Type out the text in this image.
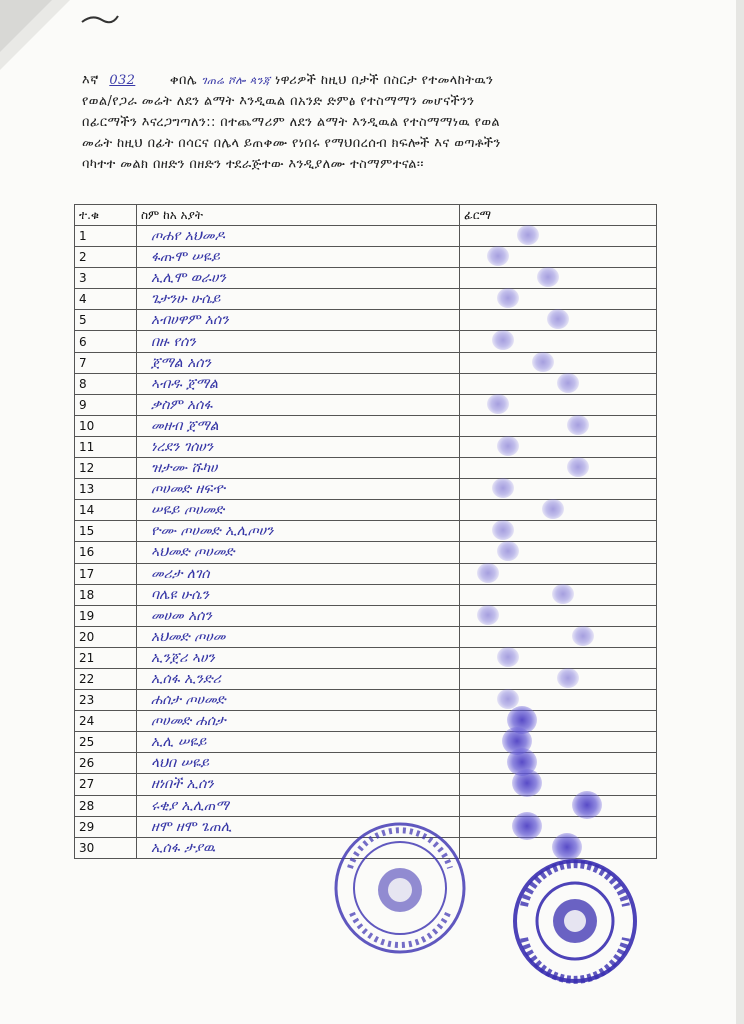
እኛ 032	ቀበሌ ገጠሬ ሾሎ ጳንጃ ነዋሪዎች ከዚህ በታች በስርታ የተመላከትዉን
የወል/የጋራ መሬት ለደን ልማት እንዲዉል በአንድ ድምፅ የተስማማን መሆናችንን
በፊርማችን እናረጋግጣለን:: በተጨማሪም ለደን ልማት እንዲዉል የተስማማነዉ የወል
መሬት ከዚህ በፊት በሳርና በሌላ ይጠቀሙ የነበሩ የማህበረሰብ ክፍሎች እና ወጣቶችን
ባካተተ መልክ በዘድን በዘድን ተደራጅተው እንዲያለሙ ተስማምተናል፡፡
ተ.ቁ	ስም ከአ አያት	ፊርማ
1	ጦሐየ አህመዶ	
2	ፋጡሞ ሠዬይ	
3	ኢሊሞ ወራሀን	
4	ጌታንሁ ሁሴይ	
5	አብሀዋም አሰን	
6	በዙ የሰን	
7	ጀማል አሰን	
8	ኣብዱ ጀማል	
9	ቃስም አሰፋ	
10	መዘብ ጀማል	
11	ነረደን ገሰሀን	
12	ዝታሙ ሹካሀ	
13	ጦሀመድ ዘፍዯ	
14	ሠዬይ ጦሀመድ	
15	ዮሙ ጦሀመድ ኢሊጦሀን	
16	ኣህመድ ጦሀመድ	
17	መሪታ ለገሰ	
18	ባሌዩ ሁሴን	
19	መሀመ አሰን	
20	አህመድ ጦሀመ	
21	ኢንጀሪ ኣሀን	
22	ኢሰፋ ኢንድሪ	
23	ሐሰታ ጦሀመድ	
24	ጦሀመድ ሐሰታ	
25	ኢሊ ሠዬይ	
26	ላህበ ሠዬይ	
27	ዘነበች ኢሰን	
28	ሩቂያ ኢሊጠማ	
29	ዘሞ ዘሞ ጌጠሊ	
30	ኢሰፋ ታያዉ	
